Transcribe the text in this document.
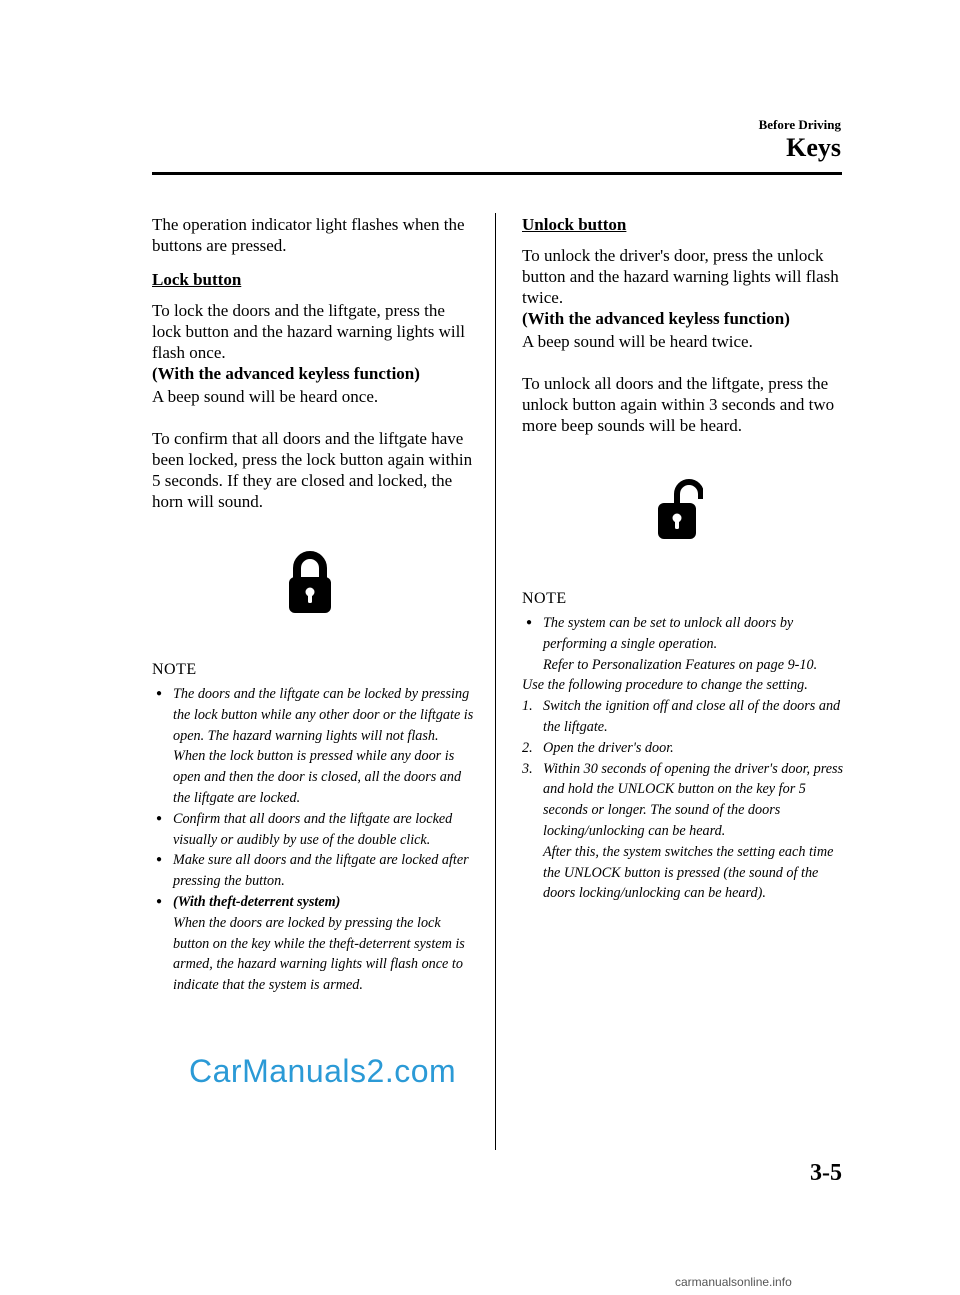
Before Driving
Keys

The operation indicator light flashes when the buttons are pressed.

Lock button

To lock the doors and the liftgate, press the lock button and the hazard warning lights will flash once.

(With the advanced keyless function)

A beep sound will be heard once.

To confirm that all doors and the liftgate have been locked, press the lock button again within 5 seconds. If they are closed and locked, the horn will sound.

NOTE

● The doors and the liftgate can be locked by pressing the lock button while any other door or the liftgate is open. The hazard warning lights will not flash.
When the lock button is pressed while any door is open and then the door is closed, all the doors and the liftgate are locked.
● Confirm that all doors and the liftgate are locked visually or audibly by use of the double click.
● Make sure all doors and the liftgate are locked after pressing the button.
● (With theft-deterrent system)
When the doors are locked by pressing the lock button on the key while the theft-deterrent system is armed, the hazard warning lights will flash once to indicate that the system is armed.

Unlock button

To unlock the driver's door, press the unlock button and the hazard warning lights will flash twice.

(With the advanced keyless function)

A beep sound will be heard twice.

To unlock all doors and the liftgate, press the unlock button again within 3 seconds and two more beep sounds will be heard.

NOTE

● The system can be set to unlock all doors by performing a single operation.
Refer to Personalization Features on page 9-10.

Use the following procedure to change the setting.

1. Switch the ignition off and close all of the doors and the liftgate.
2. Open the driver's door.
3. Within 30 seconds of opening the driver's door, press and hold the UNLOCK button on the key for 5 seconds or longer. The sound of the doors locking/unlocking can be heard.
After this, the system switches the setting each time the UNLOCK button is pressed (the sound of the doors locking/unlocking can be heard).
3-5
CarManuals2.com
carmanualsonline.info
